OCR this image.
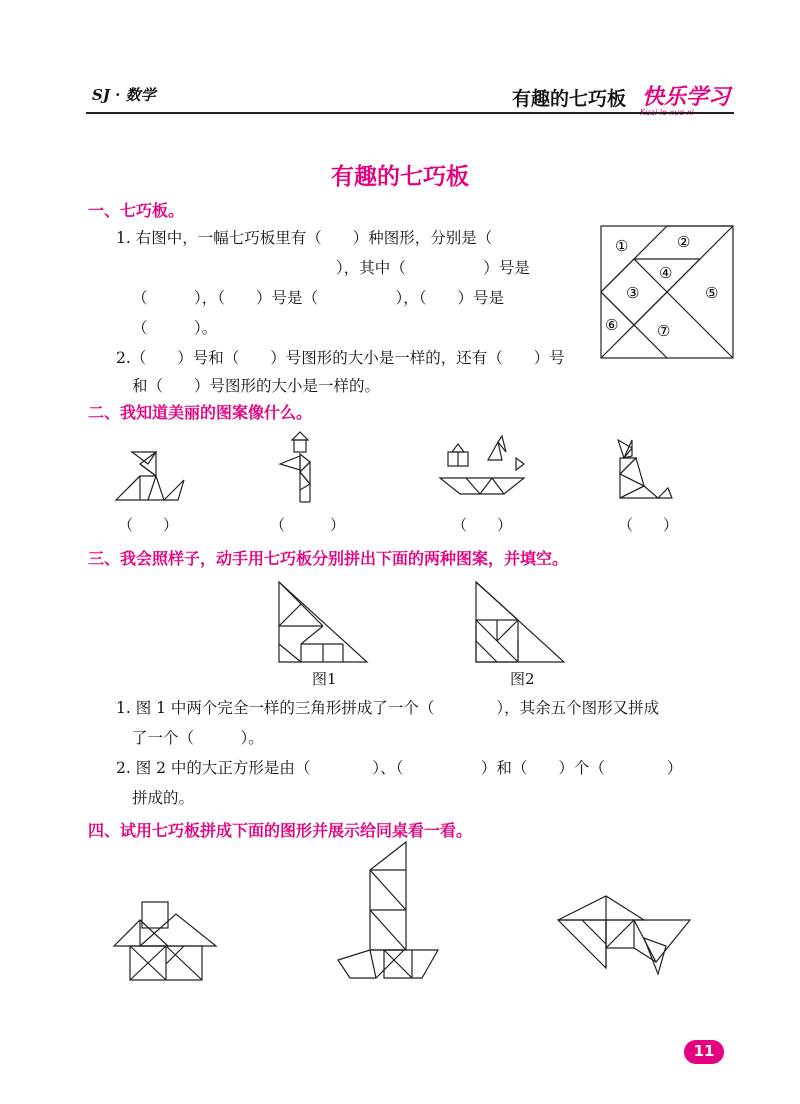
SJ · 数学	有趣的七巧板 快乐学习
Kuai le xue xi
有趣的七巧板
一、七巧板。
1. 右图中，一幅七巧板里有（　　）种图形，分别是（
），其中（　　　　　）号是
（　　　），（　　）号是（　　　　　），（　　）号是
（　　　）。
2.（　　）号和（　　）号图形的大小是一样的，还有（　　）号
和（　　）号图形的大小是一样的。
①	②
③
④
⑤
⑥	⑦
二、我知道美丽的图案像什么。
（　　）	（　　　）	（　　）	（　　）
三、我会照样子，动手用七巧板分别拼出下面的两种图案，并填空。
图1	图2
1. 图 1 中两个完全一样的三角形拼成了一个（　　　　），其余五个图形又拼成
了一个（　　　）。
2. 图 2 中的大正方形是由（　　　　）、（　　　　　）和（　　）个（　　　　）
拼成的。
四、试用七巧板拼成下面的图形并展示给同桌看一看。
11
